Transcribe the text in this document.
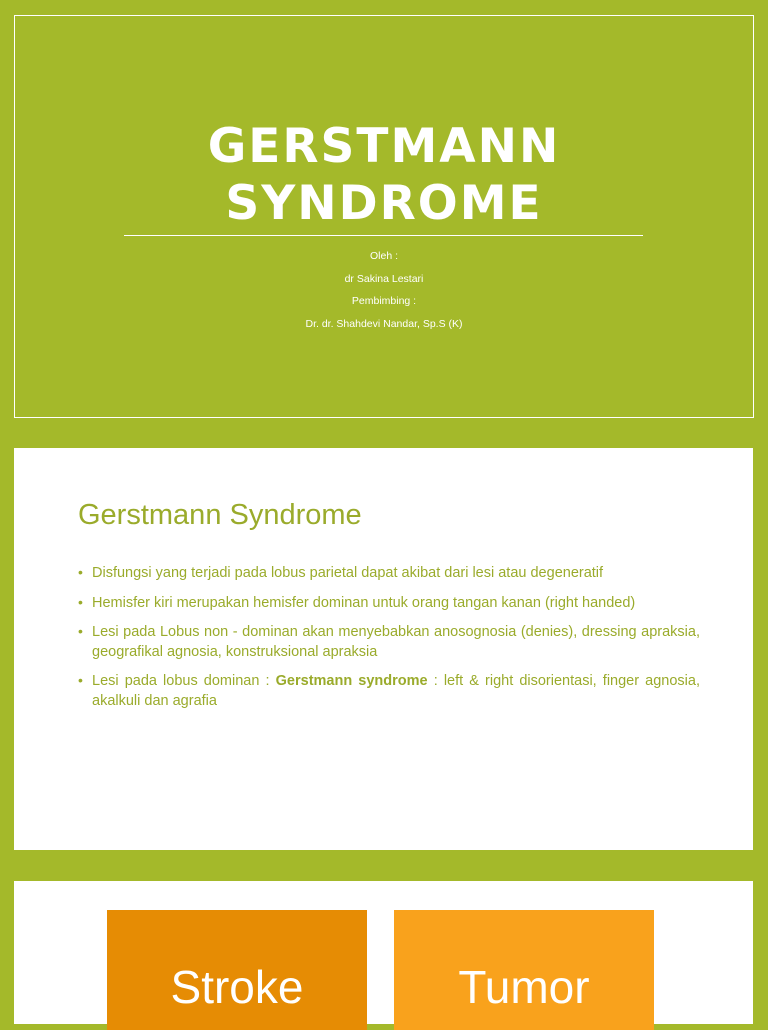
GERSTMANN
SYNDROME
Oleh :
dr Sakina Lestari
Pembimbing :
Dr. dr. Shahdevi Nandar, Sp.S (K)
Gerstmann Syndrome
• Disfungsi yang terjadi pada lobus parietal dapat akibat dari lesi atau degeneratif
• Hemisfer kiri merupakan hemisfer dominan untuk orang tangan kanan (right handed)
• Lesi pada Lobus non - dominan akan menyebabkan anosognosia (denies), dressing apraksia, geografikal agnosia, konstruksional apraksia
• Lesi pada lobus dominan : Gerstmann syndrome : left & right disorientasi, finger agnosia, akalkuli dan agrafia
Stroke	Tumor
